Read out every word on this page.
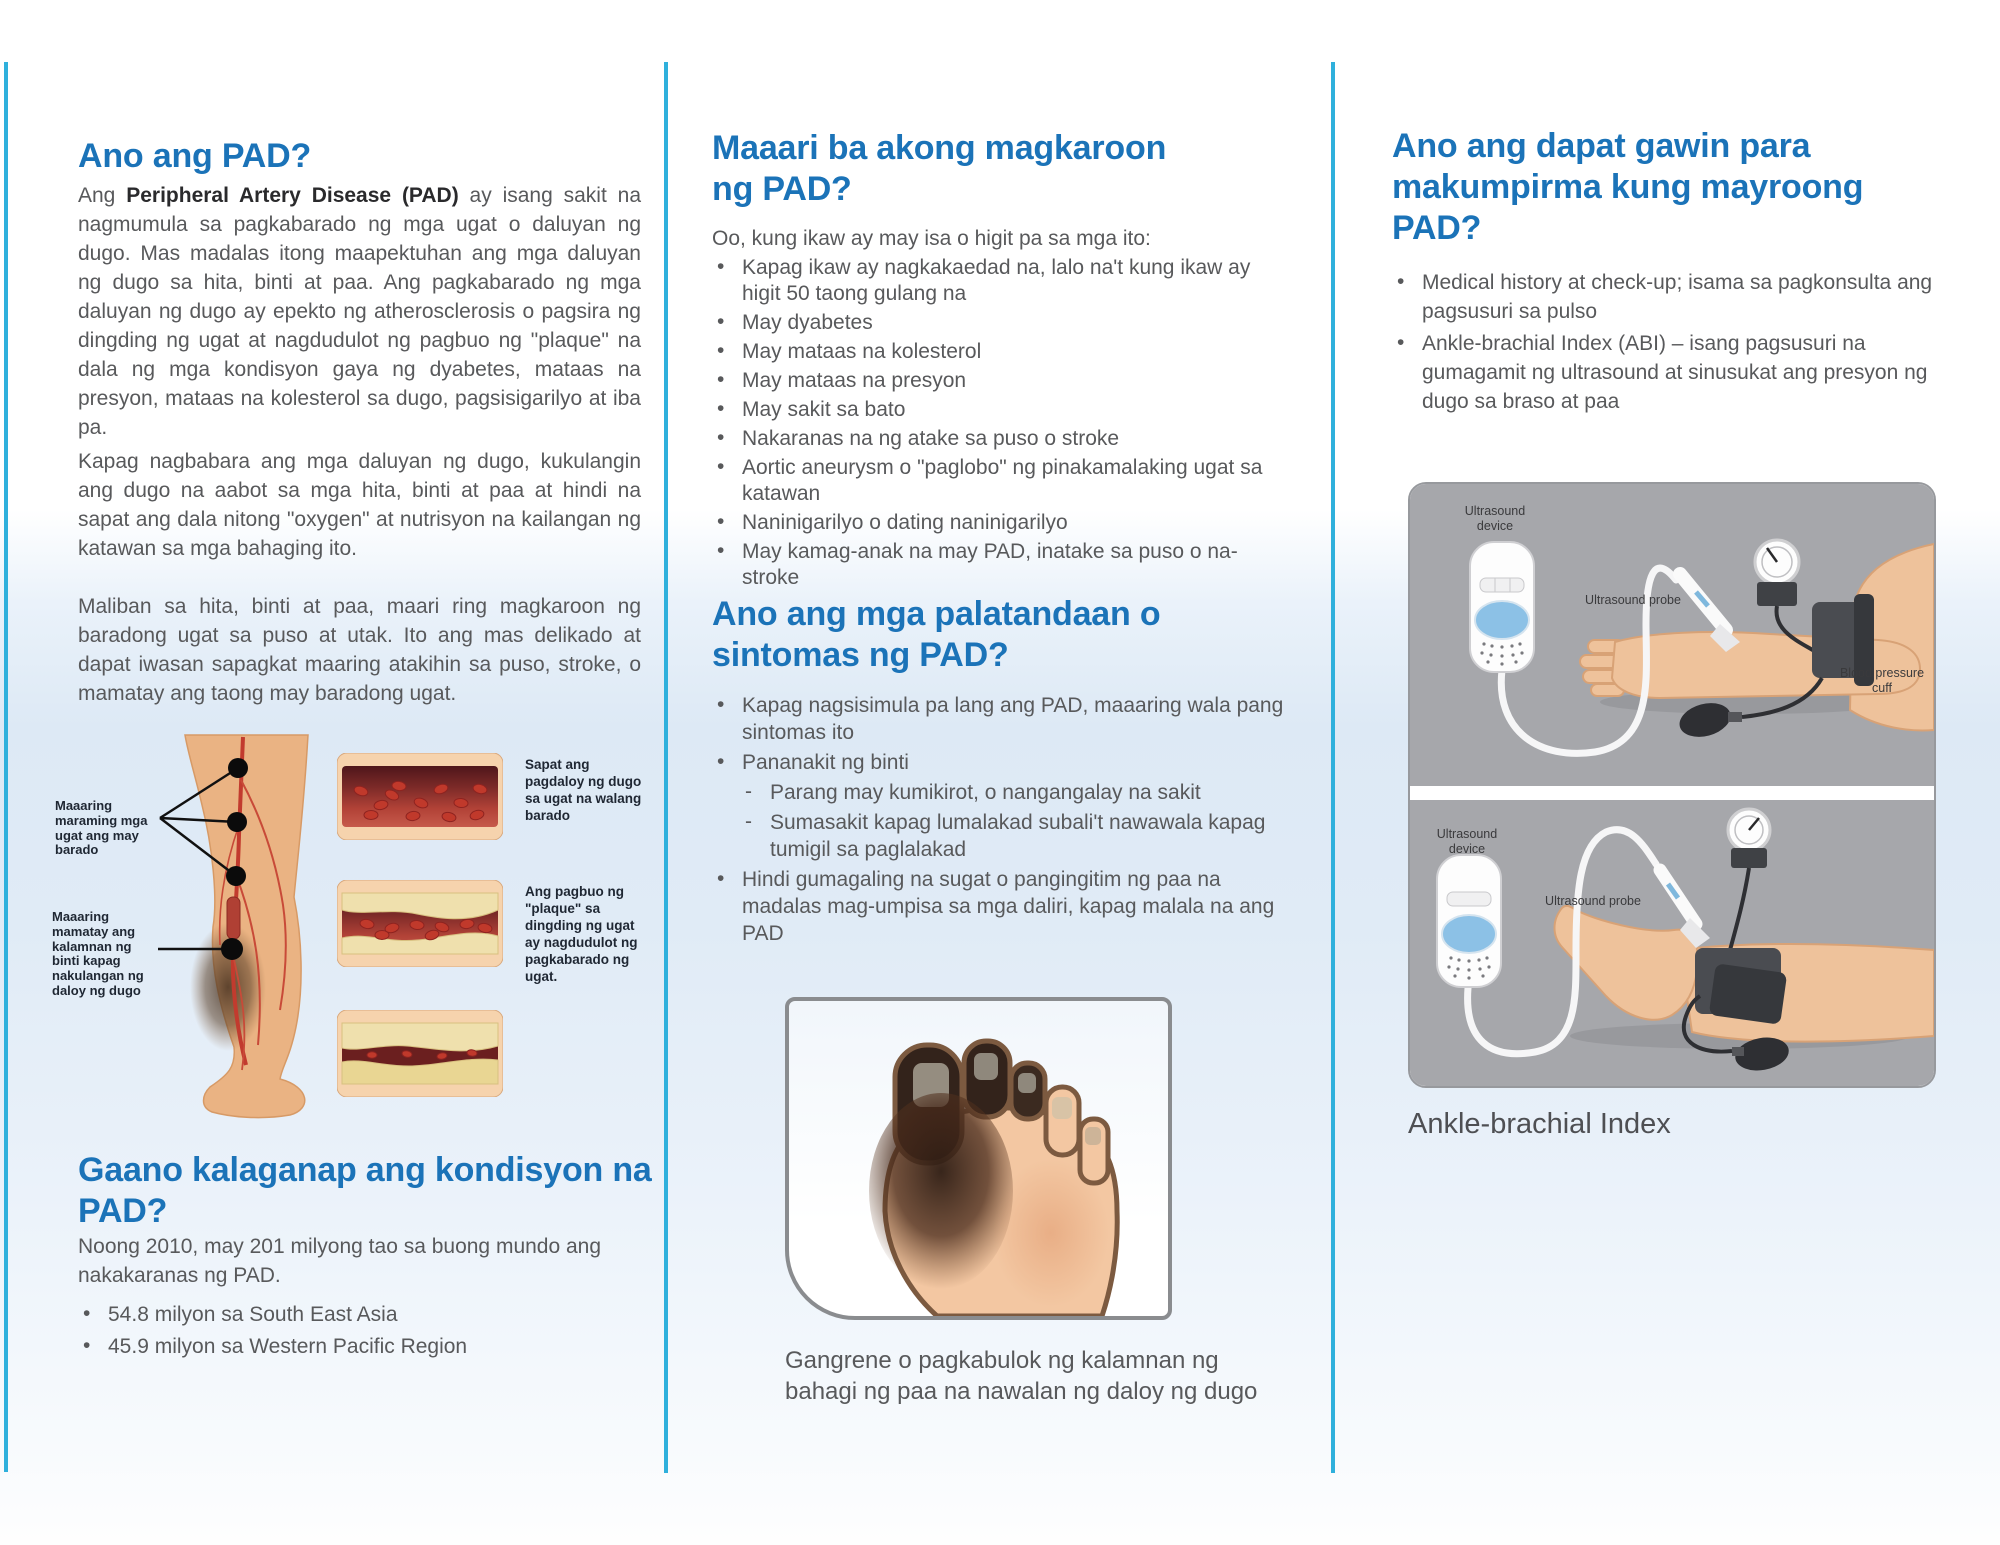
Ano ang PAD?
Ang Peripheral Artery Disease (PAD) ay isang sakit na nagmumula sa pagkabarado ng mga ugat o daluyan ng dugo. Mas madalas itong maapektuhan ang mga daluyan ng dugo sa hita, binti at paa. Ang pagkabarado ng mga daluyan ng dugo ay epekto ng atherosclerosis o pagsira ng dingding ng ugat at nagdudulot ng pagbuo ng "plaque" na dala ng mga kondisyon gaya ng dyabetes, mataas na presyon, mataas na kolesterol sa dugo, pagsisigarilyo at iba pa.
Kapag nagbabara ang mga daluyan ng dugo, kukulangin ang dugo na aabot sa mga hita, binti at paa at hindi na sapat ang dala nitong "oxygen" at nutrisyon na kailangan ng katawan sa mga bahaging ito.
Maliban sa hita, binti at paa, maari ring magkaroon ng baradong ugat sa puso at utak. Ito ang mas delikado at dapat iwasan sapagkat maaring atakihin sa puso, stroke, o mamatay ang taong may baradong ugat.
Maaaring maraming mga ugat ang may barado
Maaaring mamatay ang kalamnan ng binti kapag nakulangan ng daloy ng dugo
Sapat ang pagdaloy ng dugo sa ugat na walang barado
Ang pagbuo ng "plaque" sa dingding ng ugat ay nagdudulot ng pagkabarado ng ugat.
Gaano kalaganap ang kondisyon na PAD?
Noong 2010, may 201 milyong tao sa buong mundo ang nakakaranas ng PAD.
• 54.8 milyon sa South East Asia
• 45.9 milyon sa Western Pacific Region
Maaari ba akong magkaroon ng PAD?
Oo, kung ikaw ay may isa o higit pa sa mga ito:
• Kapag ikaw ay nagkakaedad na, lalo na't kung ikaw ay higit 50 taong gulang na
• May dyabetes
• May mataas na kolesterol
• May mataas na presyon
• May sakit sa bato
• Nakaranas na ng atake sa puso o stroke
• Aortic aneurysm o "paglobo" ng pinakamalaking ugat sa katawan
• Naninigarilyo o dating naninigarilyo
• May kamag-anak na may PAD, inatake sa puso o na-stroke
Ano ang mga palatandaan o sintomas ng PAD?
• Kapag nagsisimula pa lang ang PAD, maaaring wala pang sintomas ito
• Pananakit ng binti
- Parang may kumikirot, o nangangalay na sakit
- Sumasakit kapag lumalakad subali't nawawala kapag tumigil sa paglalakad
• Hindi gumagaling na sugat o pangingitim ng paa na madalas mag-umpisa sa mga daliri, kapag malala na ang PAD
Gangrene o pagkabulok ng kalamnan ng bahagi ng paa na nawalan ng daloy ng dugo
Ano ang dapat gawin para makumpirma kung mayroong PAD?
• Medical history at check-up; isama sa pagkonsulta ang pagsusuri sa pulso
• Ankle-brachial Index (ABI) – isang pagsusuri na gumagamit ng ultrasound at sinusukat ang presyon ng dugo sa braso at paa
Ultrasound device
Ultrasound probe
Blood pressure cuff
Ultrasound device
Ultrasound probe
Ankle-brachial Index
